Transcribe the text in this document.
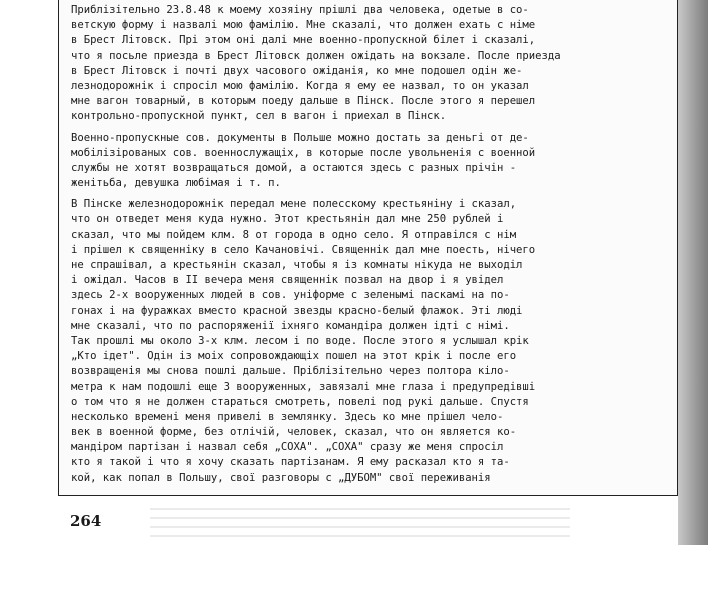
Приблізітельно 23.8.48 к моему хозяіну прішлі два человека, одетые в со-
ветскую форму і назвалі мою фамілію. Мне сказалі, что должен ехать с німе
в Брест Літовск. Прі этом оні далі мне военно-пропускной білет і сказалі,
что я посьле приезда в Брест Літовск должен ожідать на вокзале. После приезда
в Брест Літовск і почті двух часового ожіданія, ко мне подошел одін же-
лезнодорожнік і спросіл мою фамілію. Когда я ему ее назвал, то он указал
мне вагон товарный, в которым поеду дальше в Пінск. После этого я перешел
контрольно-пропускной пункт, сел в вагон і приехал в Пінск.
Военно-пропускные сов. документы в Польше можно достать за деньгі от де-
мобілізірованых сов. военнослужащіх, в которые после увольненія с военной
службы не хотят возвращаться домой, а остаются здесь с разных прічін -
женітьба, девушка любімая і т. п.
В Пінске железнодорожнік передал мене полесскому крестьяніну і сказал,
что он отведет меня куда нужно. Этот крестьянін дал мне 250 рублей і
сказал, что мы пойдем клм. 8 от города в одно село. Я отправілся с нім
і прішел к священніку в село Качановічі. Священнік дал мне поесть, нічего
не спрашівал, а крестьянін сказал, чтобы я із комнаты нікуда не выходіл
і ожідал. Часов в II вечера меня священнік позвал на двор і я увідел
здесь 2-х вооруженных людей в сов. уніформе с зеленымі паскамі на по-
гонах і на фуражках вместо красной звезды красно-белый флажок. Эті люді
мне сказалі, что по распоряженії іхняго командіра должен ідті с німі.
Так прошлі мы около 3-х клм. лесом і по воде. После этого я услышал крік
„Кто ідет". Одін із моіх сопровождающіх пошел на этот крік і после его
возвращенія мы снова пошлі дальше. Пріблізітельно через полтора кіло-
метра к нам подошлі еще 3 вооруженных, завязалі мне глаза і предупредівші
о том что я не должен стараться смотреть, повелі под рукі дальше. Спустя
несколько времені меня привелі в землянку. Здесь ко мне прішел чело-
век в военной форме, без отлічій, человек, сказал, что он является ко-
мандіром партізан і назвал себя „СОХА". „СОХА" сразу же меня спросіл
кто я такой і что я хочу сказать партізанам. Я ему расказал кто я та-
кой, как попал в Польшу, свої разговоры с „ДУБОМ" свої переживанія
264
